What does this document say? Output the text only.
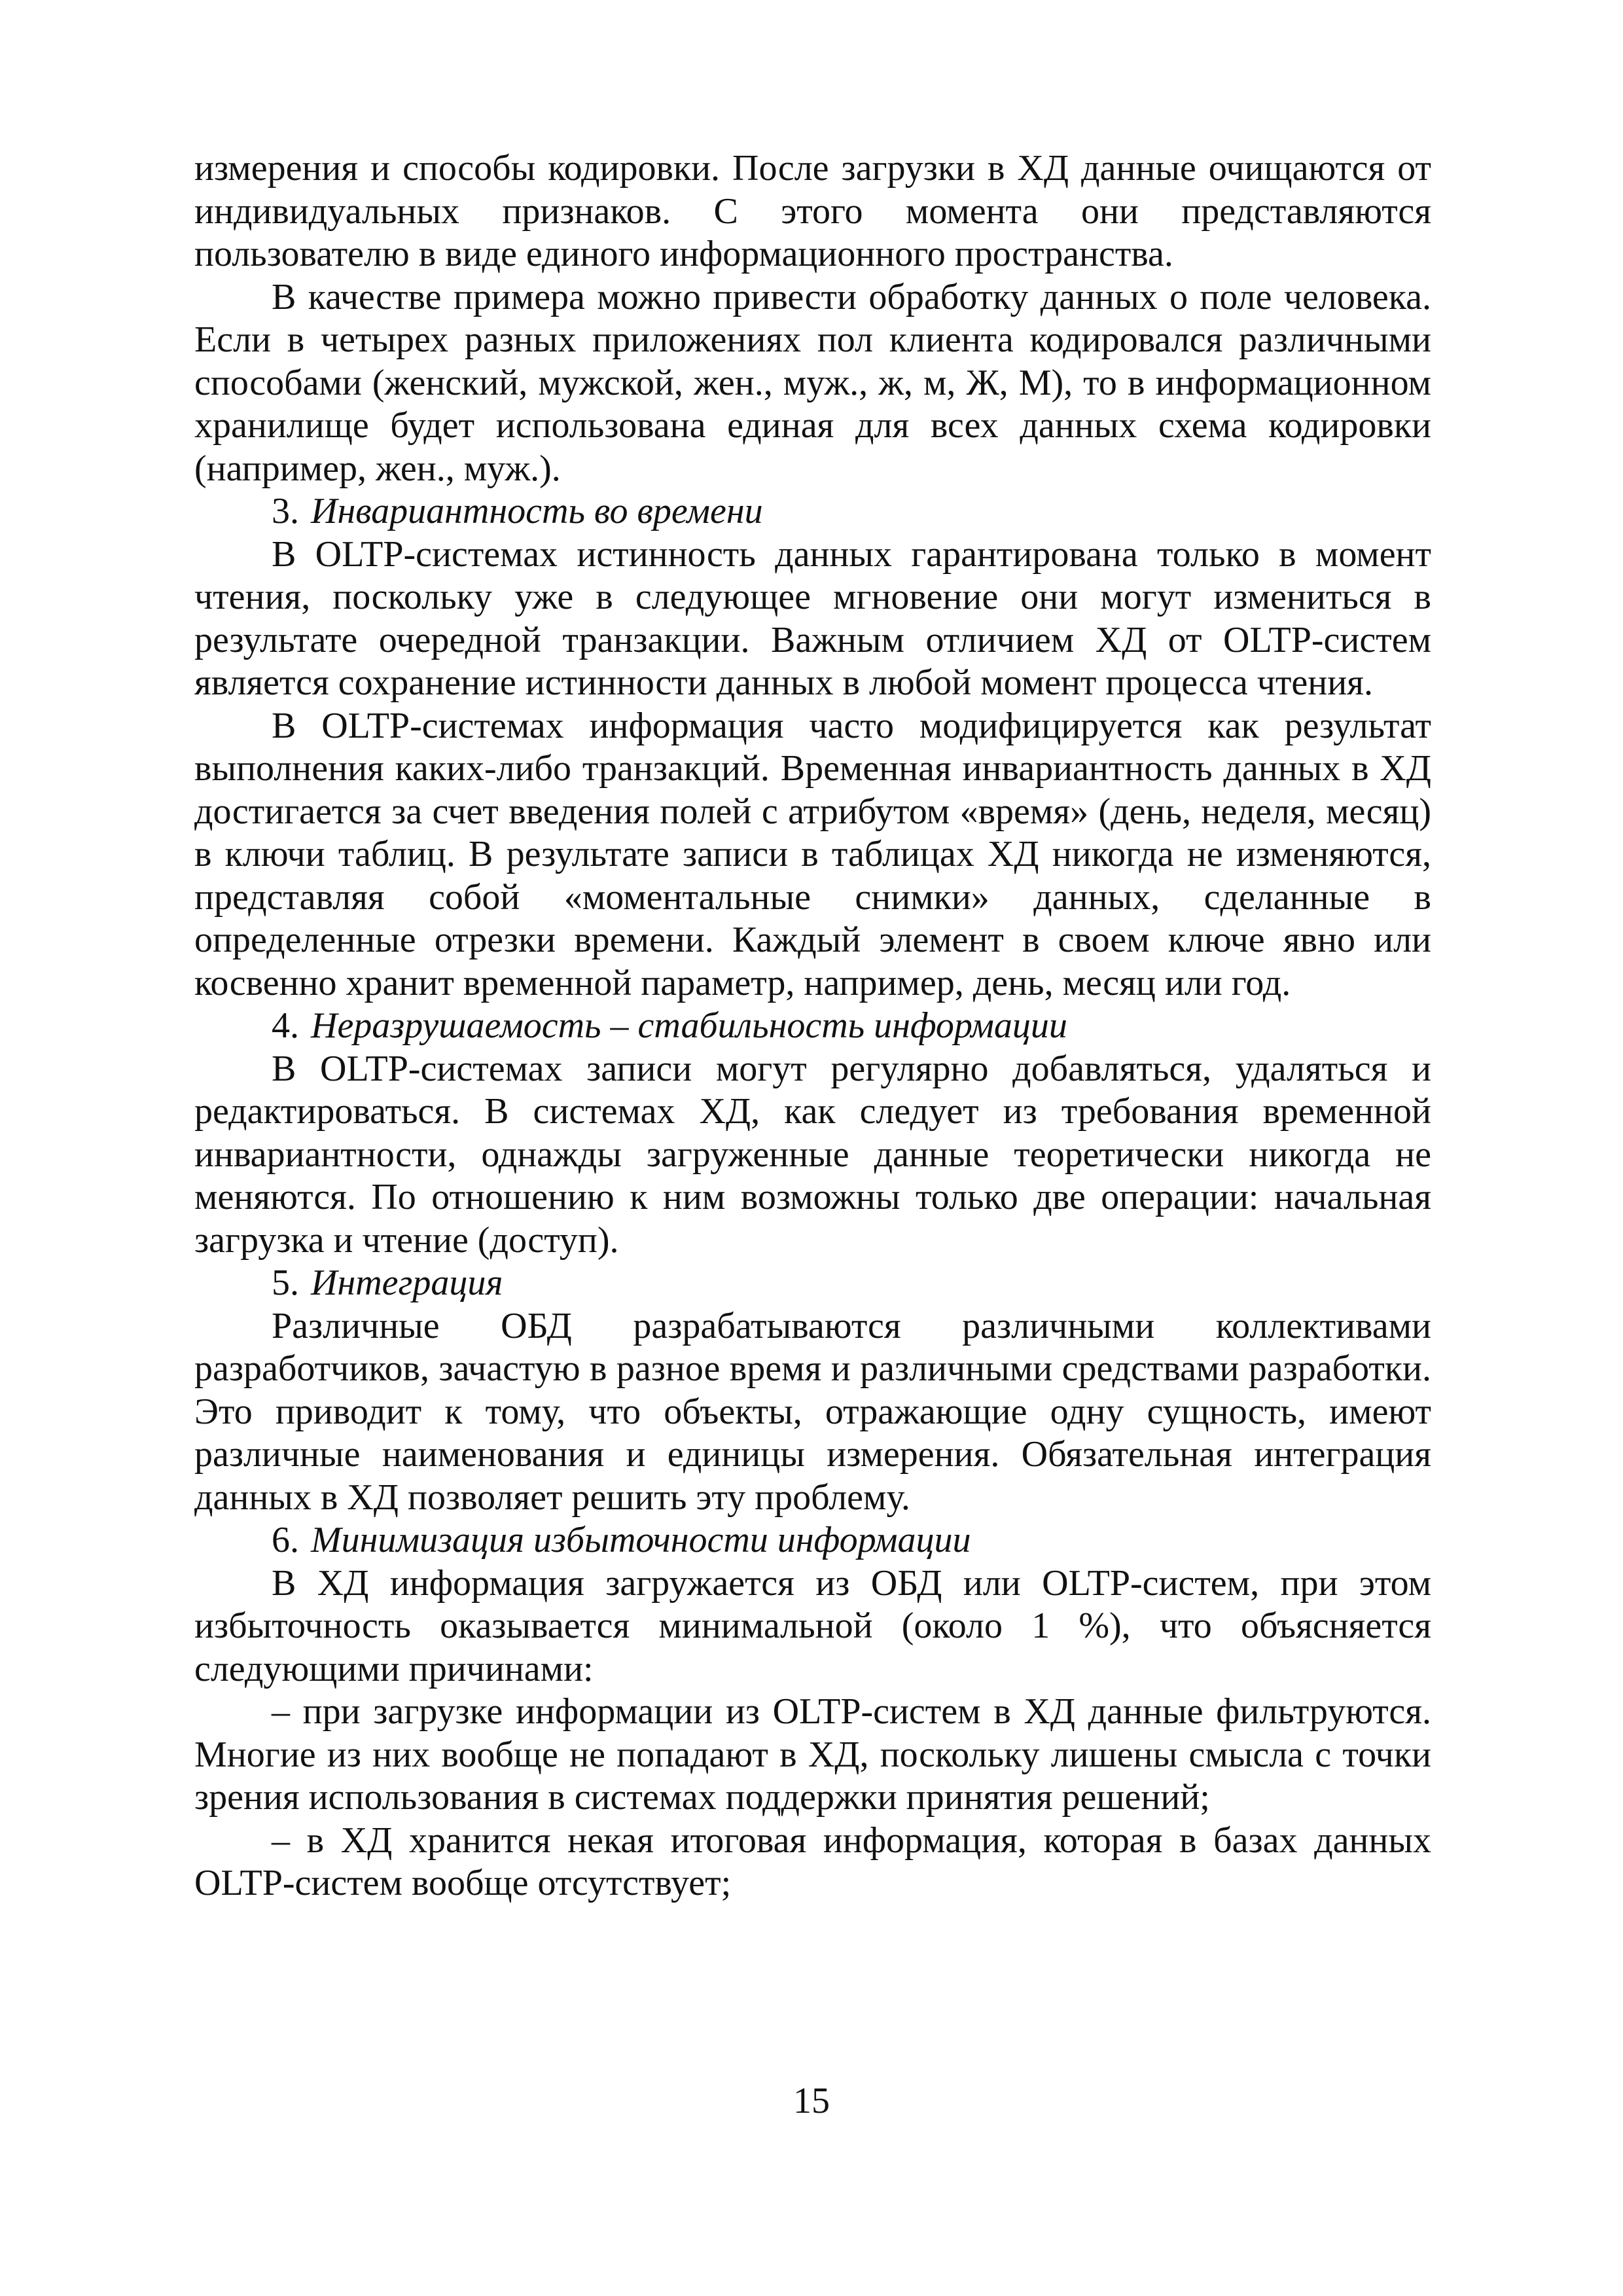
измерения и способы кодировки. После загрузки в ХД данные очищаются от индивидуальных признаков. С этого момента они представляются пользователю в виде единого информационного пространства.

В качестве примера можно привести обработку данных о поле человека. Если в четырех разных приложениях пол клиента кодировался различными способами (женский, мужской, жен., муж., ж, м, Ж, М), то в информационном хранилище будет использована единая для всех данных схема кодировки (например, жен., муж.).

3. Инвариантность во времени

В OLTP-системах истинность данных гарантирована только в момент чтения, поскольку уже в следующее мгновение они могут измениться в результате очередной транзакции. Важным отличием ХД от OLTP-систем является сохранение истинности данных в любой момент процесса чтения.

В OLTP-системах информация часто модифицируется как результат выполнения каких-либо транзакций. Временная инвариантность данных в ХД достигается за счет введения полей с атрибутом «время» (день, неделя, месяц) в ключи таблиц. В результате записи в таблицах ХД никогда не изменяются, представляя собой «моментальные снимки» данных, сделанные в определенные отрезки времени. Каждый элемент в своем ключе явно или косвенно хранит временной параметр, например, день, месяц или год.

4. Неразрушаемость – стабильность информации

В OLTP-системах записи могут регулярно добавляться, удаляться и редактироваться. В системах ХД, как следует из требования временной инвариантности, однажды загруженные данные теоретически никогда не меняются. По отношению к ним возможны только две операции: начальная загрузка и чтение (доступ).

5. Интеграция

Различные ОБД разрабатываются различными коллективами разработчиков, зачастую в разное время и различными средствами разработки. Это приводит к тому, что объекты, отражающие одну сущность, имеют различные наименования и единицы измерения. Обязательная интеграция данных в ХД позволяет решить эту проблему.

6. Минимизация избыточности информации

В ХД информация загружается из ОБД или OLTP-систем, при этом избыточность оказывается минимальной (около 1 %), что объясняется следующими причинами:

– при загрузке информации из OLTP-систем в ХД данные фильтруются. Многие из них вообще не попадают в ХД, поскольку лишены смысла с точки зрения использования в системах поддержки принятия решений;

– в ХД хранится некая итоговая информация, которая в базах данных OLTP-систем вообще отсутствует;

15
